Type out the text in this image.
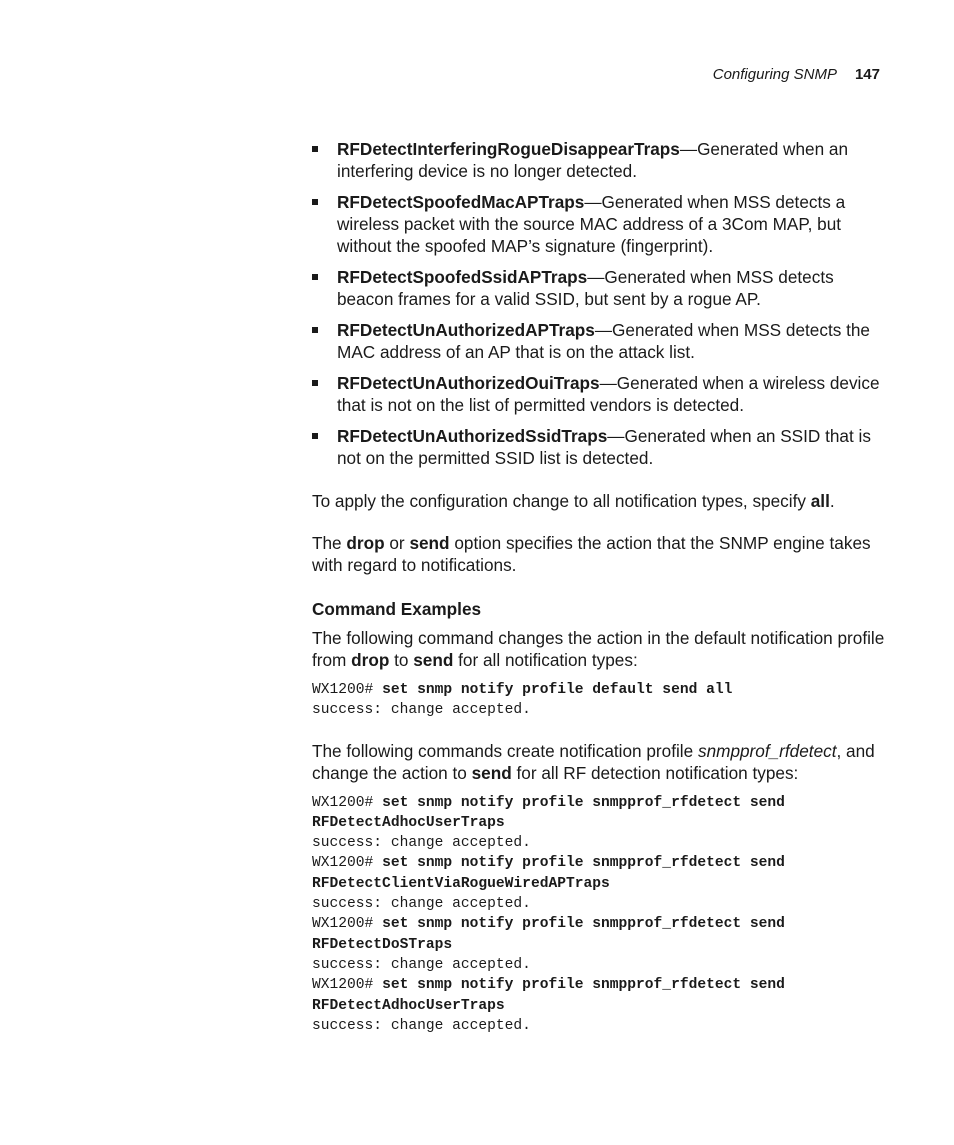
Configuring SNMP 147
RFDetectInterferingRogueDisappearTraps—Generated when an interfering device is no longer detected.
RFDetectSpoofedMacAPTraps—Generated when MSS detects a wireless packet with the source MAC address of a 3Com MAP, but without the spoofed MAP’s signature (fingerprint).
RFDetectSpoofedSsidAPTraps—Generated when MSS detects beacon frames for a valid SSID, but sent by a rogue AP.
RFDetectUnAuthorizedAPTraps—Generated when MSS detects the MAC address of an AP that is on the attack list.
RFDetectUnAuthorizedOuiTraps—Generated when a wireless device that is not on the list of permitted vendors is detected.
RFDetectUnAuthorizedSsidTraps—Generated when an SSID that is not on the permitted SSID list is detected.

To apply the configuration change to all notification types, specify all.

The drop or send option specifies the action that the SNMP engine takes with regard to notifications.

Command Examples

The following command changes the action in the default notification profile from drop to send for all notification types:

WX1200# set snmp notify profile default send all
success: change accepted.

The following commands create notification profile snmpprof_rfdetect, and change the action to send for all RF detection notification types:

WX1200# set snmp notify profile snmpprof_rfdetect send
RFDetectAdhocUserTraps
success: change accepted.
WX1200# set snmp notify profile snmpprof_rfdetect send
RFDetectClientViaRogueWiredAPTraps
success: change accepted.
WX1200# set snmp notify profile snmpprof_rfdetect send
RFDetectDoSTraps
success: change accepted.
WX1200# set snmp notify profile snmpprof_rfdetect send
RFDetectAdhocUserTraps
success: change accepted.
